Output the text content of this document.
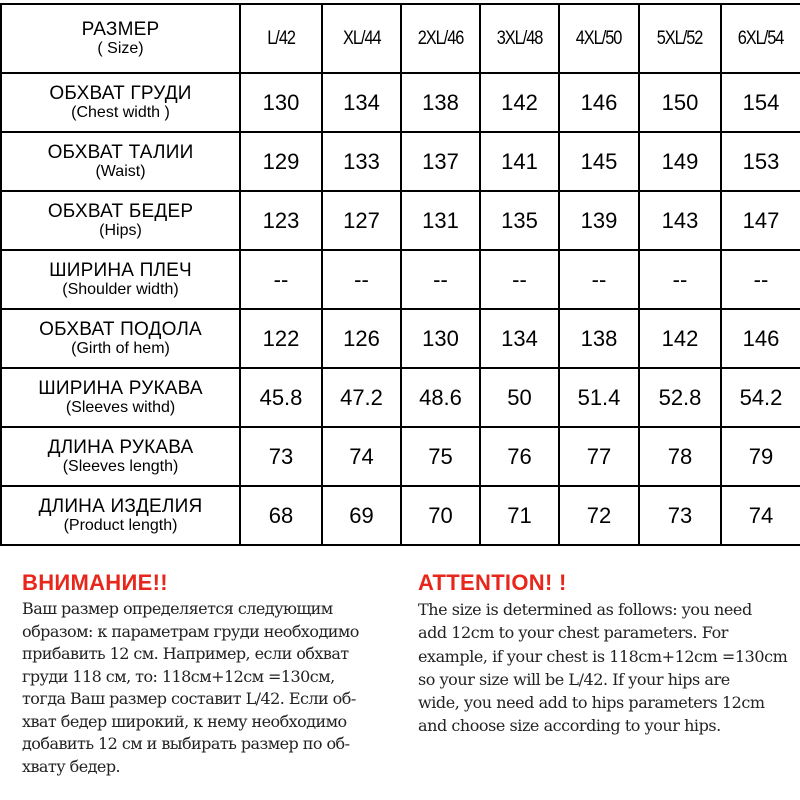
РАЗМЕР
( Size)	L/42	XL/44	2XL/46	3XL/48	4XL/50	5XL/52	6XL/54

ОБХВАТ ГРУДИ
(Chest width )	130	134	138	142	146	150	154

ОБХВАТ ТАЛИИ
(Waist)	129	133	137	141	145	149	153

ОБХВАТ БЕДЕР
(Hips)	123	127	131	135	139	143	147

ШИРИНА ПЛЕЧ
(Shoulder width)	--	--	--	--	--	--	--

ОБХВАТ ПОДОЛА
(Girth of hem)	122	126	130	134	138	142	146

ШИРИНА РУКАВА
(Sleeves withd)	45.8	47.2	48.6	50	51.4	52.8	54.2

ДЛИНА РУКАВА
(Sleeves length)	73	74	75	76	77	78	79

ДЛИНА ИЗДЕЛИЯ
(Product length)	68	69	70	71	72	73	74
ВНИМАНИЕ!!
Ваш размер определяется следующим
образом: к параметрам груди необходимо
прибавить 12 см. Например, если обхват
груди 118 см, то: 118см+12см =130см,
тогда Ваш размер составит L/42. Если об-
хват бедер широкий, к нему необходимо
добавить 12 см и выбирать размер по об-
хвату бедер.
ATTENTION! !
The size is determined as follows: you need
add 12cm to your chest parameters. For
example, if your chest is 118cm+12cm =130cm
so your size will be L/42. If your hips are
wide, you need add to hips parameters 12cm
and choose size according to your hips.
